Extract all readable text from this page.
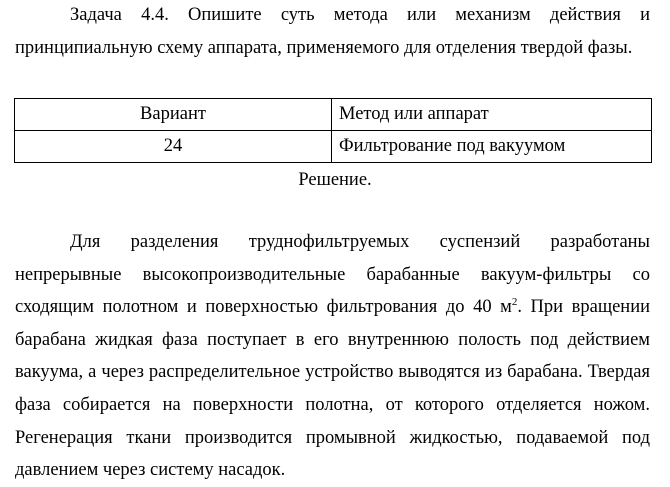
Задача 4.4. Опишите суть метода или механизм действия и принципиальную схему аппарата, применяемого для отделения твердой фазы.

Вариант	Метод или аппарат
24	Фильтрование под вакуумом
Решение.

Для разделения труднофильтруемых суспензий разработаны непрерывные высокопроизводительные барабанные вакуум-фильтры со сходящим полотном и поверхностью фильтрования до 40 $м^2$. При вращении барабана жидкая фаза поступает в его внутреннюю полость под действием вакуума, а через распределительное устройство выводятся из барабана. Твердая фаза собирается на поверхности полотна, от которого отделяется ножом. Регенерация ткани производится промывной жидкостью, подаваемой под давлением через систему насадок.
